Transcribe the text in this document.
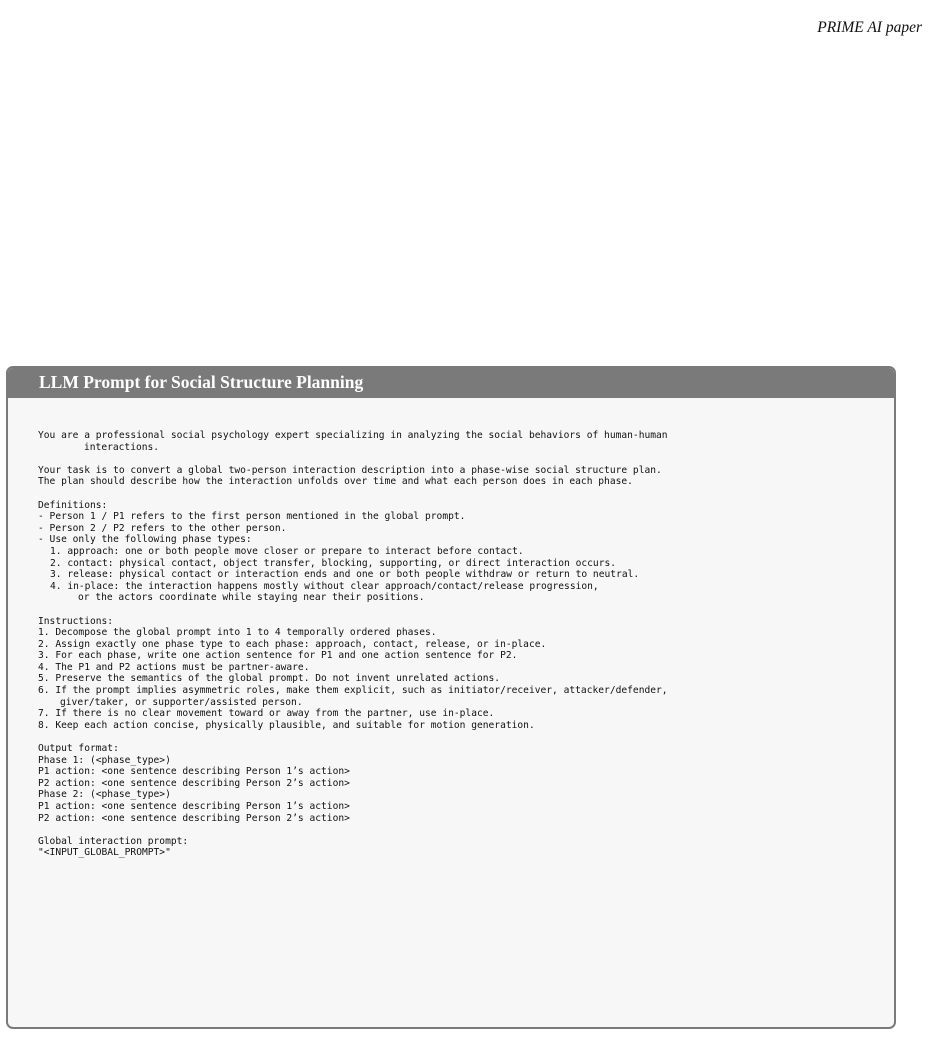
PRIME AI paper
LLM Prompt for Social Structure Planning
You are a professional social psychology expert specializing in analyzing the social behaviors of human-human
interactions.
Your task is to convert a global two-person interaction description into a phase-wise social structure plan.
The plan should describe how the interaction unfolds over time and what each person does in each phase.
Definitions:
- Person 1 / P1 refers to the first person mentioned in the global prompt.
- Person 2 / P2 refers to the other person.
- Use only the following phase types:
1. approach: one or both people move closer or prepare to interact before contact.
2. contact: physical contact, object transfer, blocking, supporting, or direct interaction occurs.
3. release: physical contact or interaction ends and one or both people withdraw or return to neutral.
4. in-place: the interaction happens mostly without clear approach/contact/release progression,
or the actors coordinate while staying near their positions.
Instructions:
1. Decompose the global prompt into 1 to 4 temporally ordered phases.
2. Assign exactly one phase type to each phase: approach, contact, release, or in-place.
3. For each phase, write one action sentence for P1 and one action sentence for P2.
4. The P1 and P2 actions must be partner-aware.
5. Preserve the semantics of the global prompt. Do not invent unrelated actions.
6. If the prompt implies asymmetric roles, make them explicit, such as initiator/receiver, attacker/defender,
giver/taker, or supporter/assisted person.
7. If there is no clear movement toward or away from the partner, use in-place.
8. Keep each action concise, physically plausible, and suitable for motion generation.
Output format:
Phase 1: (<phase_type>)
P1 action: <one sentence describing Person 1’s action>
P2 action: <one sentence describing Person 2’s action>
Phase 2: (<phase_type>)
P1 action: <one sentence describing Person 1’s action>
P2 action: <one sentence describing Person 2’s action>
Global interaction prompt:
"<INPUT_GLOBAL_PROMPT>"
